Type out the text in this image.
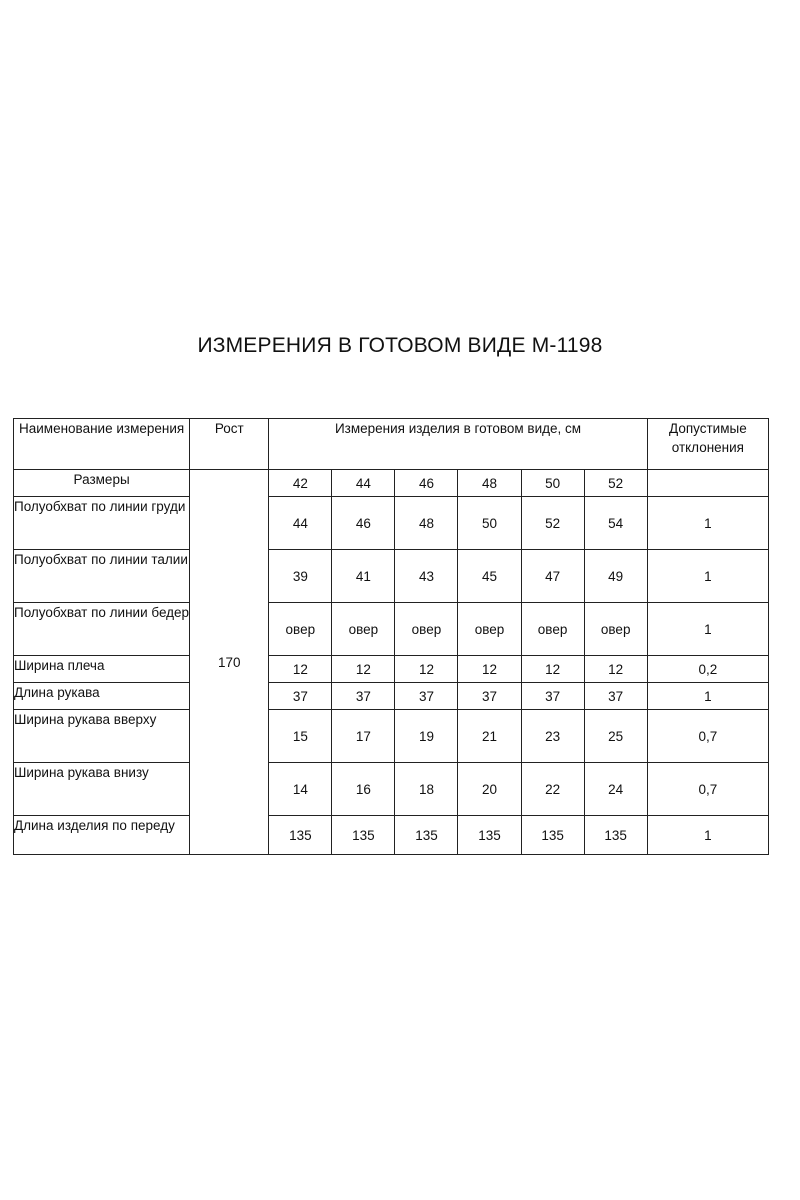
ИЗМЕРЕНИЯ В ГОТОВОМ ВИДЕ М-1198
Наименование измерения	Рост	Измерения изделия в готовом виде, см						Допустимые отклонения
Размеры	170	42	44	46	48	50	52	
Полуобхват по линии груди		44	46	48	50	52	54	1
Полуобхват по линии талии		39	41	43	45	47	49	1
Полуобхват по линии бедер		овер	овер	овер	овер	овер	овер	1
Ширина плеча		12	12	12	12	12	12	0,2
Длина рукава		37	37	37	37	37	37	1
Ширина рукава вверху		15	17	19	21	23	25	0,7
Ширина рукава внизу		14	16	18	20	22	24	0,7
Длина изделия по переду		135	135	135	135	135	135	1
